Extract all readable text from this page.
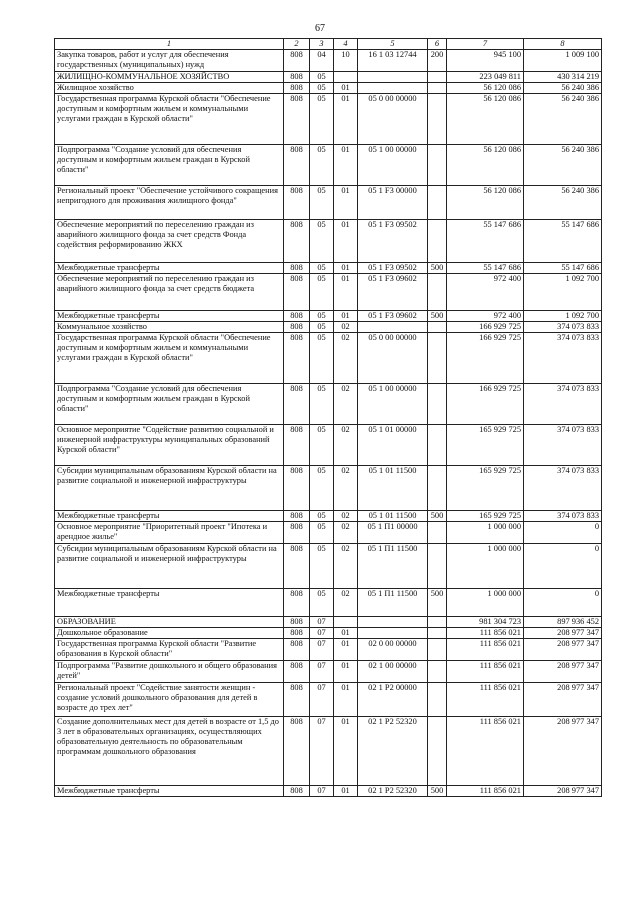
67
1	2	3	4	5	6	7	8
Закупка товаров, работ и услуг для обеспечения государственных (муниципальных) нужд	808	04	10	16 1 03 12744	200	945 100	1 009 100
ЖИЛИЩНО-КОММУНАЛЬНОЕ ХОЗЯЙСТВО	808	05				223 049 811	430 314 219
Жилищное хозяйство	808	05	01			56 120 086	56 240 386
Государственная программа Курской области "Обеспечение доступным и комфортным жильем и коммунальными услугами граждан в Курской области"	808	05	01	05 0 00 00000		56 120 086	56 240 386
Подпрограмма "Создание условий для обеспечения доступным и комфортным жильем граждан в Курской области"	808	05	01	05 1 00 00000		56 120 086	56 240 386
Региональный проект "Обеспечение устойчивого сокращения непригодного для проживания жилищного фонда"	808	05	01	05 1 F3 00000		56 120 086	56 240 386
Обеспечение мероприятий по переселению граждан из аварийного жилищного фонда за счет средств Фонда содействия реформированию ЖКХ	808	05	01	05 1 F3 09502		55 147 686	55 147 686
Межбюджетные трансферты	808	05	01	05 1 F3 09502	500	55 147 686	55 147 686
Обеспечение мероприятий по переселению граждан из аварийного жилищного фонда за счет средств бюджета	808	05	01	05 1 F3 09602		972 400	1 092 700
Межбюджетные трансферты	808	05	01	05 1 F3 09602	500	972 400	1 092 700
Коммунальное хозяйство	808	05	02			166 929 725	374 073 833
Государственная программа Курской области "Обеспечение доступным и комфортным жильем и коммунальными услугами граждан в Курской области"	808	05	02	05 0 00 00000		166 929 725	374 073 833
Подпрограмма "Создание условий для обеспечения доступным и комфортным жильем граждан в Курской области"	808	05	02	05 1 00 00000		166 929 725	374 073 833
Основное мероприятие "Содействие развитию социальной и инженерной инфраструктуры муниципальных образований Курской области"	808	05	02	05 1 01 00000		165 929 725	374 073 833
Субсидии муниципальным образованиям Курской области на развитие социальной и инженерной инфраструктуры	808	05	02	05 1 01 11500		165 929 725	374 073 833
Межбюджетные трансферты	808	05	02	05 1 01 11500	500	165 929 725	374 073 833
Основное мероприятие "Приоритетный проект "Ипотека и арендное жилье"	808	05	02	05 1 П1 00000		1 000 000	0
Субсидии муниципальным образованиям Курской области на развитие социальной и инженерной инфраструктуры	808	05	02	05 1 П1 11500		1 000 000	0
Межбюджетные трансферты	808	05	02	05 1 П1 11500	500	1 000 000	0
ОБРАЗОВАНИЕ	808	07				981 304 723	897 936 452
Дошкольное образование	808	07	01			111 856 021	208 977 347
Государственная программа Курской области "Развитие образования в Курской области"	808	07	01	02 0 00 00000		111 856 021	208 977 347
Подпрограмма "Развитие дошкольного и общего образования детей"	808	07	01	02 1 00 00000		111 856 021	208 977 347
Региональный проект "Содействие занятости женщин - создание условий дошкольного образования для детей в возрасте до трех лет"	808	07	01	02 1 P2 00000		111 856 021	208 977 347
Создание дополнительных мест для детей в возрасте от 1,5 до 3 лет в образовательных организациях, осуществляющих образовательную деятельность по образовательным программам дошкольного образования	808	07	01	02 1 P2 52320		111 856 021	208 977 347
Межбюджетные трансферты	808	07	01	02 1 P2 52320	500	111 856 021	208 977 347
